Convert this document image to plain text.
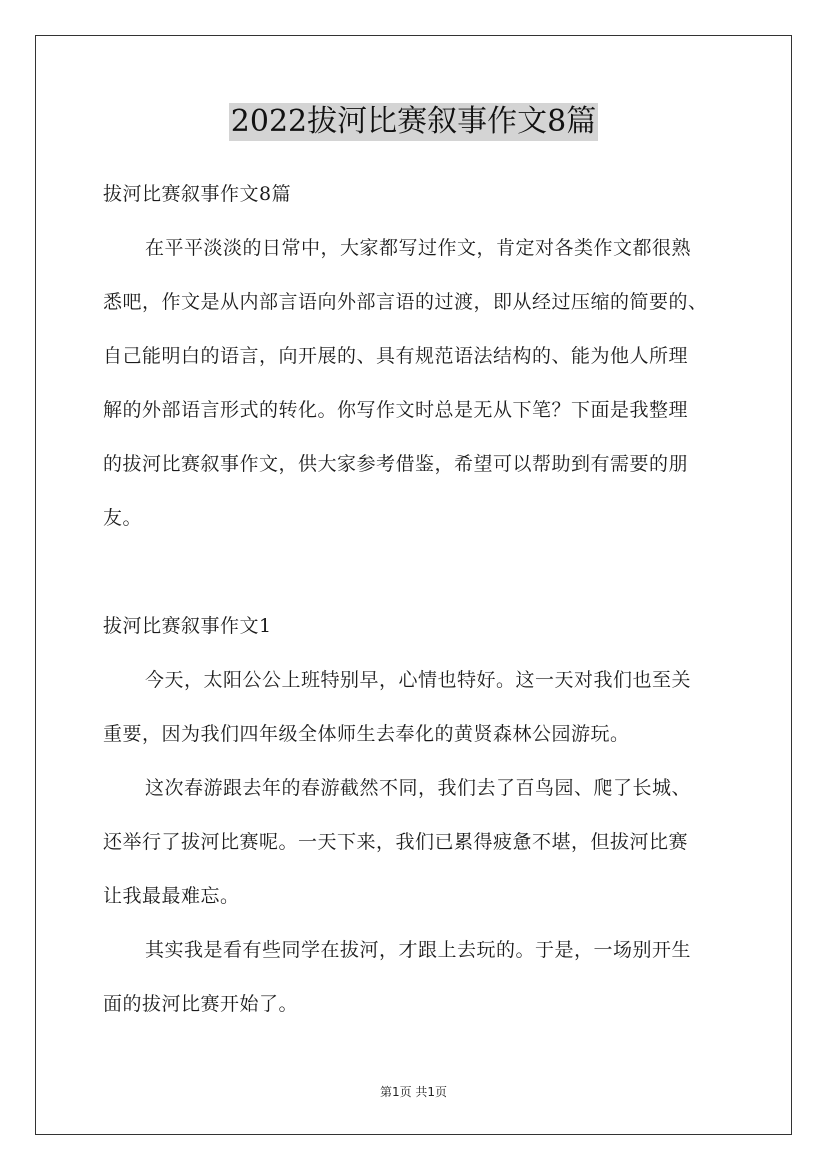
2022拔河比赛叙事作文8篇
拔河比赛叙事作文8篇
在平平淡淡的日常中，大家都写过作文，肯定对各类作文都很熟
悉吧，作文是从内部言语向外部言语的过渡，即从经过压缩的简要的、
自己能明白的语言，向开展的、具有规范语法结构的、能为他人所理
解的外部语言形式的转化。你写作文时总是无从下笔？下面是我整理
的拔河比赛叙事作文，供大家参考借鉴，希望可以帮助到有需要的朋
友。
拔河比赛叙事作文1
今天，太阳公公上班特别早，心情也特好。这一天对我们也至关
重要，因为我们四年级全体师生去奉化的黄贤森林公园游玩。
这次春游跟去年的春游截然不同，我们去了百鸟园、爬了长城、
还举行了拔河比赛呢。一天下来，我们已累得疲惫不堪，但拔河比赛
让我最最难忘。
其实我是看有些同学在拔河，才跟上去玩的。于是，一场别开生
面的拔河比赛开始了。
第1页 共1页
